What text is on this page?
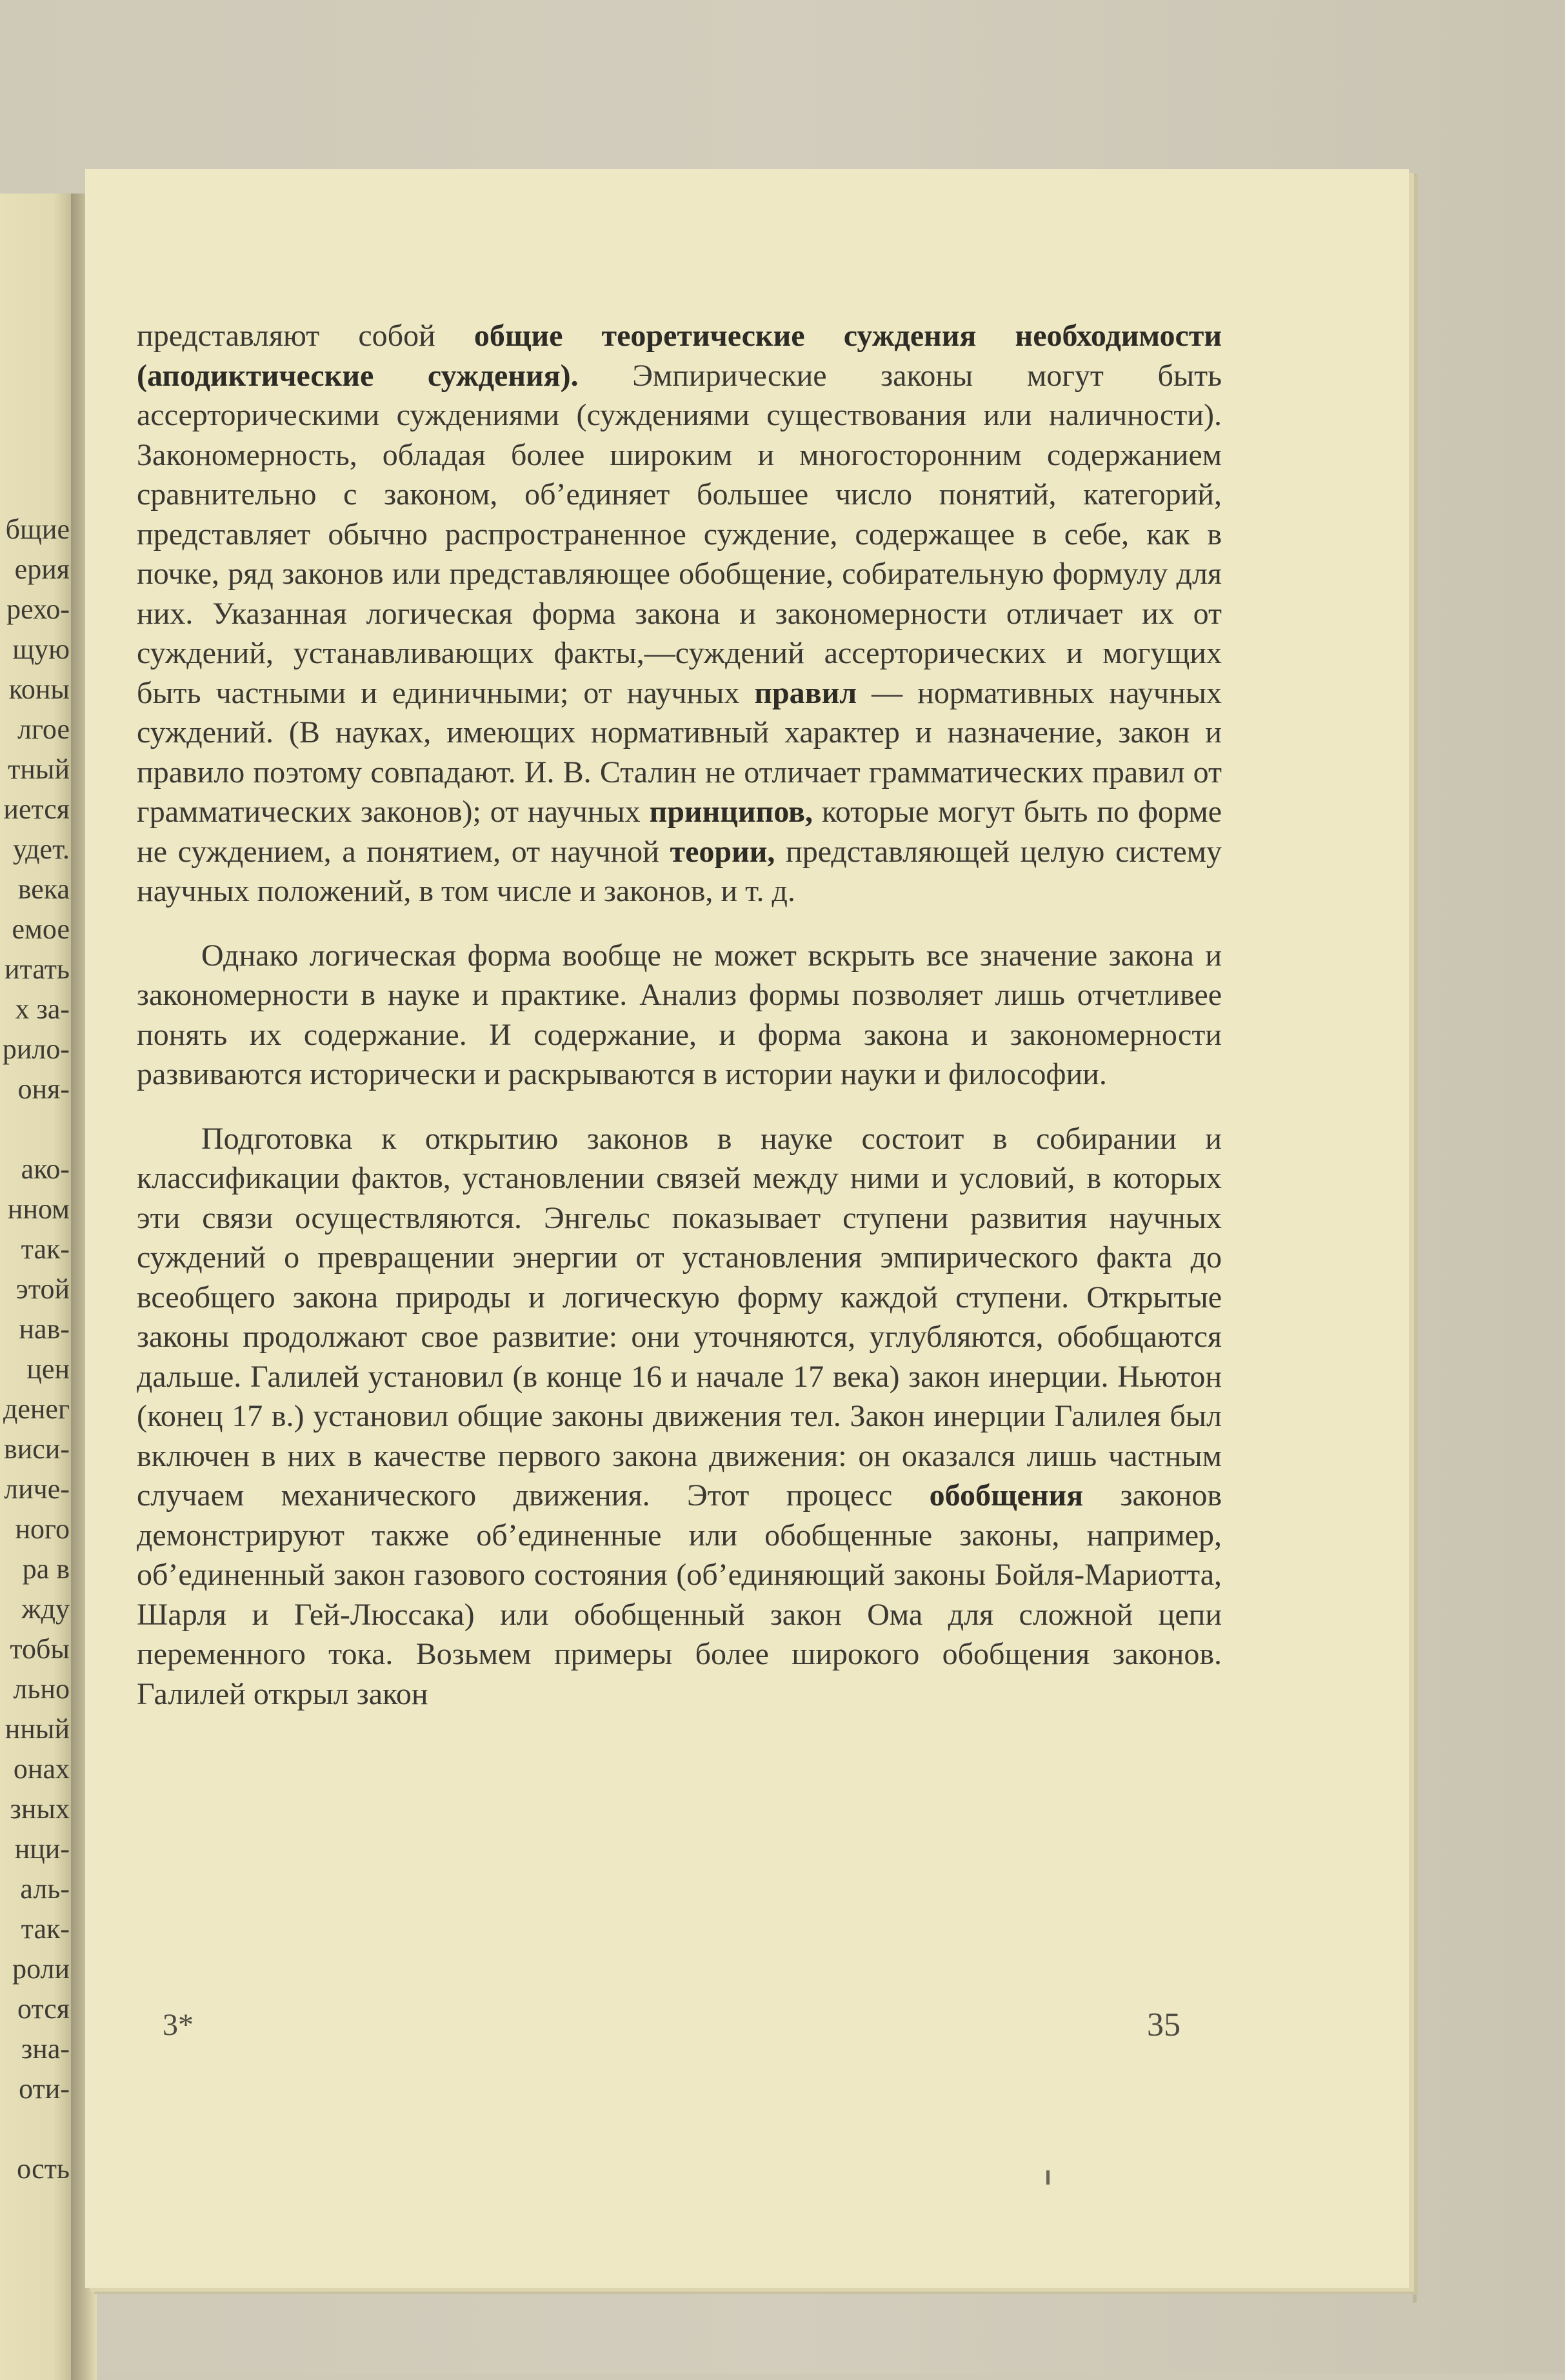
бщие
ерия
рехо-
щую
коны
лгое
тный
иется
удет.
века
емое
итать
х за-
рило-
оня-
ако-
нном
так-
этой
нав-
цен
денег
виси-
личе-
ного
ра в
жду
тобы
льно
нный
онах
зных
нци-
аль-
так-
роли
отся
зна-
оти-
ость

представляют собой общие теоретические суждения необходимости (аподиктические суждения). Эмпирические законы могут быть ассерторическими суждениями (суждениями существования или наличности). Закономерность, обладая более широким и многосторонним содержанием сравнительно с законом, об’единяет большее число понятий, категорий, представляет обычно распространенное суждение, содержащее в себе, как в почке, ряд законов или представляющее обобщение, собирательную формулу для них. Указанная логическая форма закона и закономерности отличает их от суждений, устанавливающих факты,—суждений ассерторических и могущих быть частными и единичными; от научных правил — нормативных научных суждений. (В науках, имеющих нормативный характер и назначение, закон и правило поэтому совпадают. И. В. Сталин не отличает грамматических правил от грамматических законов); от научных принципов, которые могут быть по форме не суждением, а понятием, от научной теории, представляющей целую систему научных положений, в том числе и законов, и т. д.

Однако логическая форма вообще не может вскрыть все значение закона и закономерности в науке и практике. Анализ формы позволяет лишь отчетливее понять их содержание. И содержание, и форма закона и закономерности развиваются исторически и раскрываются в истории науки и философии.

Подготовка к открытию законов в науке состоит в собирании и классификации фактов, установлении связей между ними и условий, в которых эти связи осуществляются. Энгельс показывает ступени развития научных суждений о превращении энергии от установления эмпирического факта до всеобщего закона природы и логическую форму каждой ступени. Открытые законы продолжают свое развитие: они уточняются, углубляются, обобщаются дальше. Галилей установил (в конце 16 и начале 17 века) закон инерции. Ньютон (конец 17 в.) установил общие законы движения тел. Закон инерции Галилея был включен в них в качестве первого закона движения: он оказался лишь частным случаем механического движения. Этот процесс обобщения законов демонстрируют также об’единенные или обобщенные законы, например, об’единенный закон газового состояния (об’единяющий законы Бойля-Мариотта, Шарля и Гей-Люссака) или обобщенный закон Ома для сложной цепи переменного тока. Возьмем примеры более широкого обобщения законов. Галилей открыл закон

3*	35
